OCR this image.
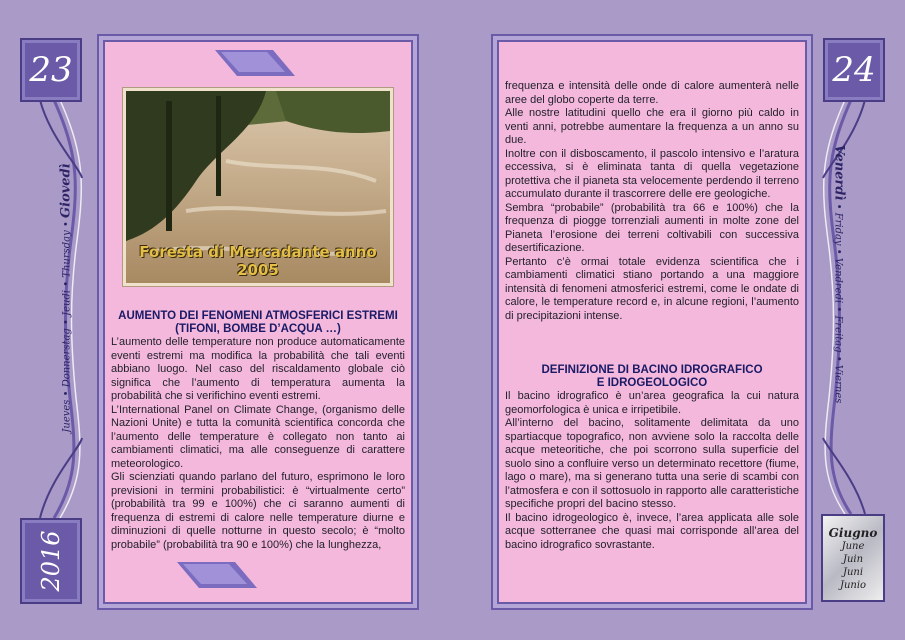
23
Jueves • Donnerstag • Jeudi • Thursday • Giovedì
2016
Foresta di Mercadante anno 2005
AUMENTO DEI FENOMENI ATMOSFERICI ESTREMI
(TIFONI, BOMBE D’ACQUA …)

L’aumento delle temperature non produce automaticamente eventi estremi ma modifica la probabilità che tali eventi abbiano luogo. Nel caso del riscaldamento globale ciò significa che l’aumento di temperatura aumenta la probabilità che si verifichino eventi estremi.

L’International Panel on Climate Change, (organismo delle Nazioni Unite) e tutta la comunità scientifica concorda che l’aumento delle temperature è collegato non tanto ai cambiamenti climatici, ma alle conseguenze di carattere meteorologico.

Gli scienziati quando parlano del futuro, esprimono le loro previsioni in termini probabilistici: è “virtualmente certo” (probabilità tra 99 e 100%) che ci saranno aumenti di frequenza di estremi di calore nelle temperature diurne e diminuzioni di quelle notturne in questo secolo; è “molto probabile” (probabilità tra 90 e 100%) che la lunghezza,

frequenza e intensità delle onde di calore aumenterà nelle aree del globo coperte da terre.

Alle nostre latitudini quello che era il giorno più caldo in venti anni, potrebbe aumentare la frequenza a un anno su due.

Inoltre con il disboscamento, il pascolo intensivo e l’aratura eccessiva, si è eliminata tanta di quella vegetazione protettiva che il pianeta sta velocemente perdendo il terreno accumulato durante il trascorrere delle ere geologiche.

Sembra “probabile” (probabilità tra 66 e 100%) che la frequenza di piogge torrenziali aumenti in molte zone del Pianeta l’erosione dei terreni coltivabili con successiva desertificazione.

Pertanto c’è ormai totale evidenza scientifica che i cambiamenti climatici stiano portando a una maggiore intensità di fenomeni atmosferici estremi, come le ondate di calore, le temperature record e, in alcune regioni, l’aumento di precipitazioni intense.

DEFINIZIONE DI BACINO IDROGRAFICO
E IDROGEOLOGICO

Il bacino idrografico è un’area geografica la cui natura geomorfologica è unica e irripetibile.

All’interno del bacino, solitamente delimitata da uno spartiacque topografico, non avviene solo la raccolta delle acque meteoritiche, che poi scorrono sulla superficie del suolo sino a confluire verso un determinato recettore (fiume, lago o mare), ma si generano tutta una serie di scambi con l’atmosfera e con il sottosuolo in rapporto alle caratteristiche specifiche propri del bacino stesso.

Il bacino idrogeologico è, invece, l’area applicata alle sole acque sotterranee che quasi mai corrisponde all’area del bacino idrografico sovrastante.

24
Venerdì • Friday • Vendredi • Freitag • Viernes
Giugno
June
Juin
Juni
Junio
